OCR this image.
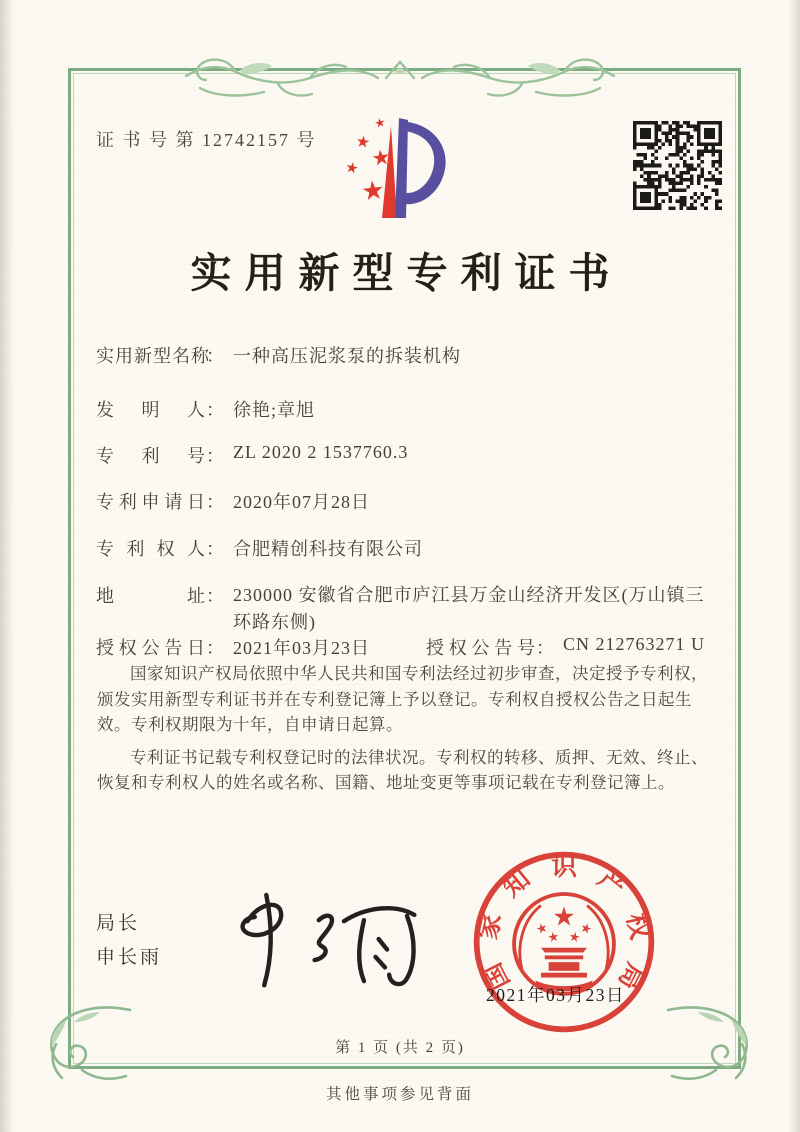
证 书 号 第 12742157 号
实用新型专利证书
实用新型名称： 一种高压泥浆泵的拆装机构
发明人： 徐艳;章旭
专利号： ZL 2020 2 1537760.3
专利申请日： 2020年07月28日
专利权人： 合肥精创科技有限公司
地址： 230000 安徽省合肥市庐江县万金山经济开发区(万山镇三环路东侧)
授权公告日： 2021年03月23日	授权公告号： CN 212763271 U

国家知识产权局依照中华人民共和国专利法经过初步审查，决定授予专利权，颁发实用新型专利证书并在专利登记簿上予以登记。专利权自授权公告之日起生效。专利权期限为十年，自申请日起算。

专利证书记载专利权登记时的法律状况。专利权的转移、质押、无效、终止、恢复和专利权人的姓名或名称、国籍、地址变更等事项记载在专利登记簿上。

局长
申长雨
国
家
知 识 产
权
局
2021年03月23日
第 1 页 (共 2 页)
其他事项参见背面
